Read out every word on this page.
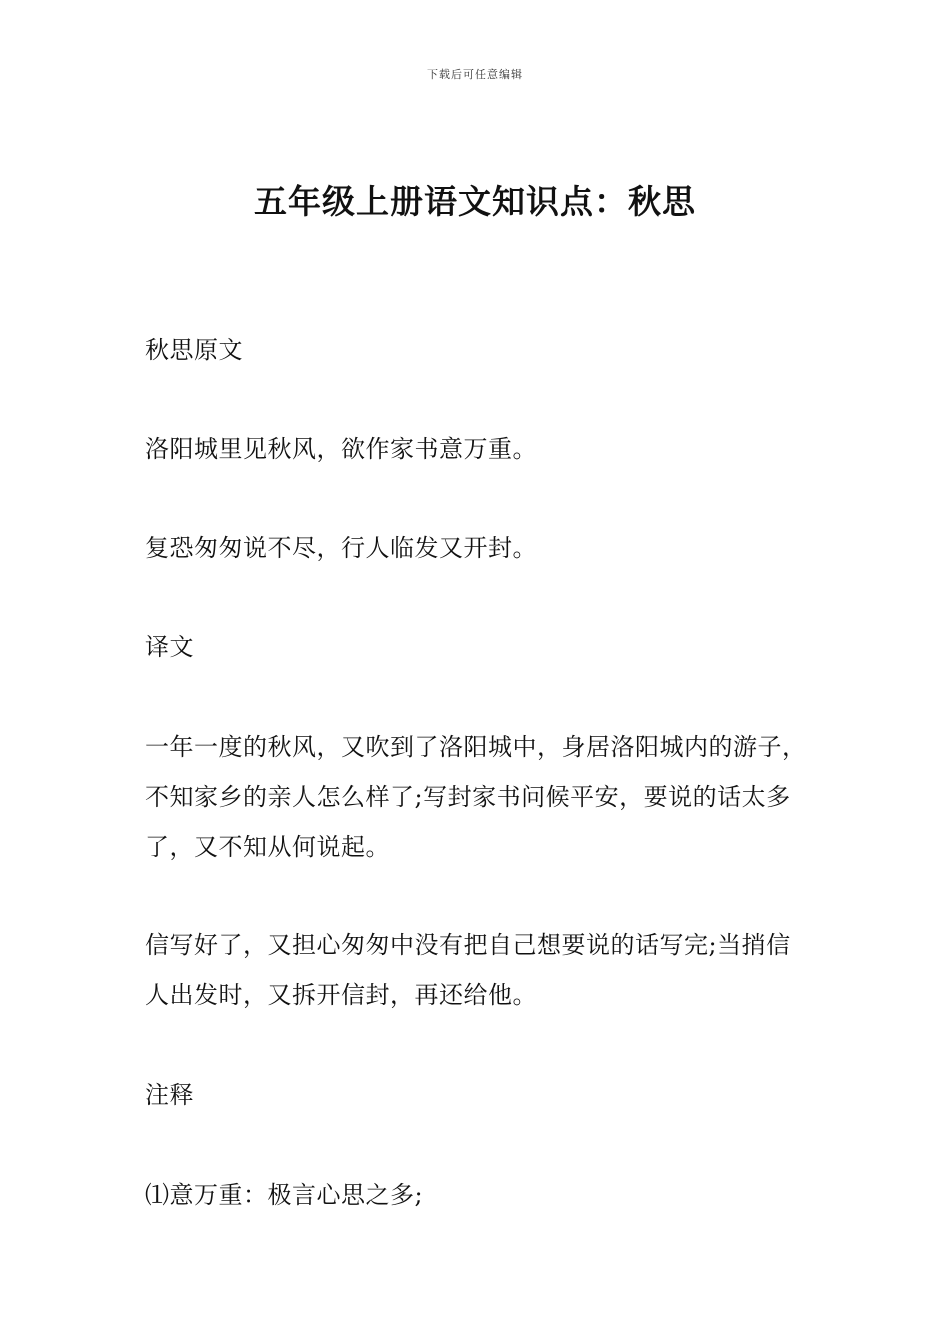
下载后可任意编辑
五年级上册语文知识点：秋思
秋思原文
洛阳城里见秋风，欲作家书意万重。
复恐匆匆说不尽，行人临发又开封。
译文
一年一度的秋风，又吹到了洛阳城中，身居洛阳城内的游子，不知家乡的亲人怎么样了;写封家书问候平安，要说的话太多了，又不知从何说起。
信写好了，又担心匆匆中没有把自己想要说的话写完;当捎信人出发时，又拆开信封，再还给他。
注释
⑴意万重：极言心思之多;
